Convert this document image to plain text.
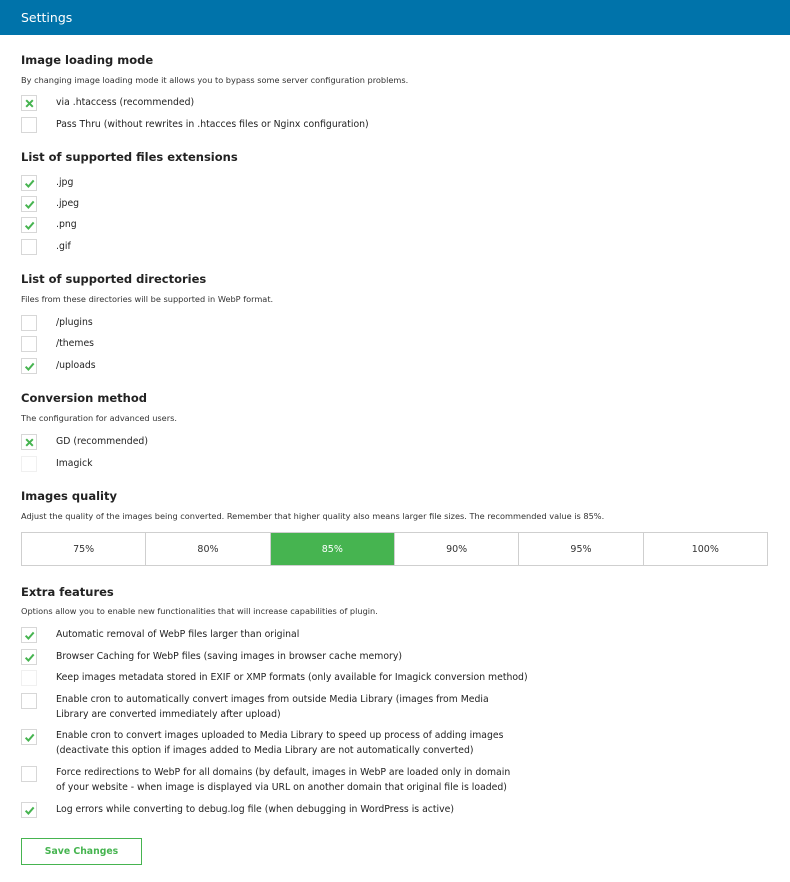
Settings
Image loading mode
By changing image loading mode it allows you to bypass some server configuration problems.
via .htaccess (recommended)
Pass Thru (without rewrites in .htacces files or Nginx configuration)
List of supported files extensions
.jpg
.jpeg
.png
.gif
List of supported directories
Files from these directories will be supported in WebP format.
/plugins
/themes
/uploads
Conversion method
The configuration for advanced users.
GD (recommended)
Imagick
Images quality
Adjust the quality of the images being converted. Remember that higher quality also means larger file sizes. The recommended value is 85%.
75%	80%	85%	90%	95%	100%
Extra features
Options allow you to enable new functionalities that will increase capabilities of plugin.
Automatic removal of WebP files larger than original
Browser Caching for WebP files (saving images in browser cache memory)
Keep images metadata stored in EXIF or XMP formats (only available for Imagick conversion method)
Enable cron to automatically convert images from outside Media Library (images from Media Library are converted immediately after upload)
Enable cron to convert images uploaded to Media Library to speed up process of adding images (deactivate this option if images added to Media Library are not automatically converted)
Force redirections to WebP for all domains (by default, images in WebP are loaded only in domain of your website - when image is displayed via URL on another domain that original file is loaded)
Log errors while converting to debug.log file (when debugging in WordPress is active)
Save Changes
